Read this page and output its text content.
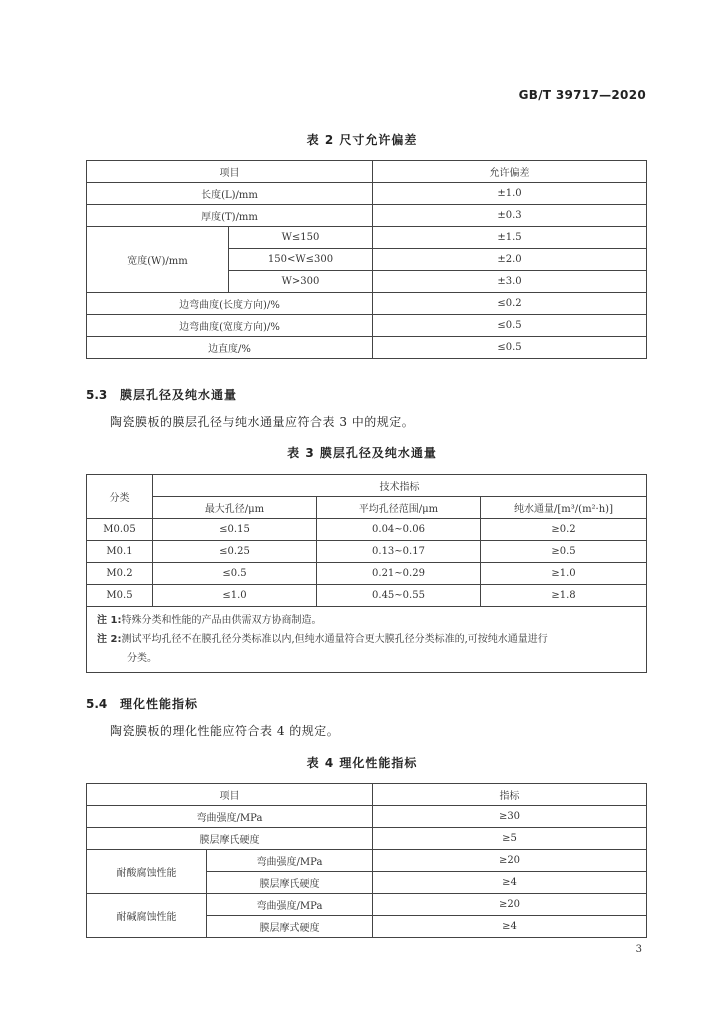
GB/T 39717—2020
表 2 尺寸允许偏差
项目		允许偏差
长度(L)/mm		±1.0
厚度(T)/mm		±0.3
宽度(W)/mm	W≤150	±1.5
	150<W≤300	±2.0
	W>300	±3.0
边弯曲度(长度方向)/%		≤0.2
边弯曲度(宽度方向)/%		≤0.5
边直度/%		≤0.5
5.3 膜层孔径及纯水通量
陶瓷膜板的膜层孔径与纯水通量应符合表 3 中的规定。
表 3 膜层孔径及纯水通量
分类	技术指标		
	最大孔径/μm	平均孔径范围/μm	纯水通量/[m³/(m²·h)]
M0.05	≤0.15	0.04~0.06	≥0.2
M0.1	≤0.25	0.13~0.17	≥0.5
M0.2	≤0.5	0.21~0.29	≥1.0
M0.5	≤1.0	0.45~0.55	≥1.8

注 1:特殊分类和性能的产品由供需双方协商制造。
注 2:测试平均孔径不在膜孔径分类标准以内,但纯水通量符合更大膜孔径分类标准的,可按纯水通量进行
分类。			
5.4 理化性能指标
陶瓷膜板的理化性能应符合表 4 的规定。
表 4 理化性能指标
项目		指标
弯曲强度/MPa		≥30
膜层摩氏硬度		≥5
耐酸腐蚀性能	弯曲强度/MPa	≥20
	膜层摩氏硬度	≥4
耐碱腐蚀性能	弯曲强度/MPa	≥20
	膜层摩式硬度	≥4
3
